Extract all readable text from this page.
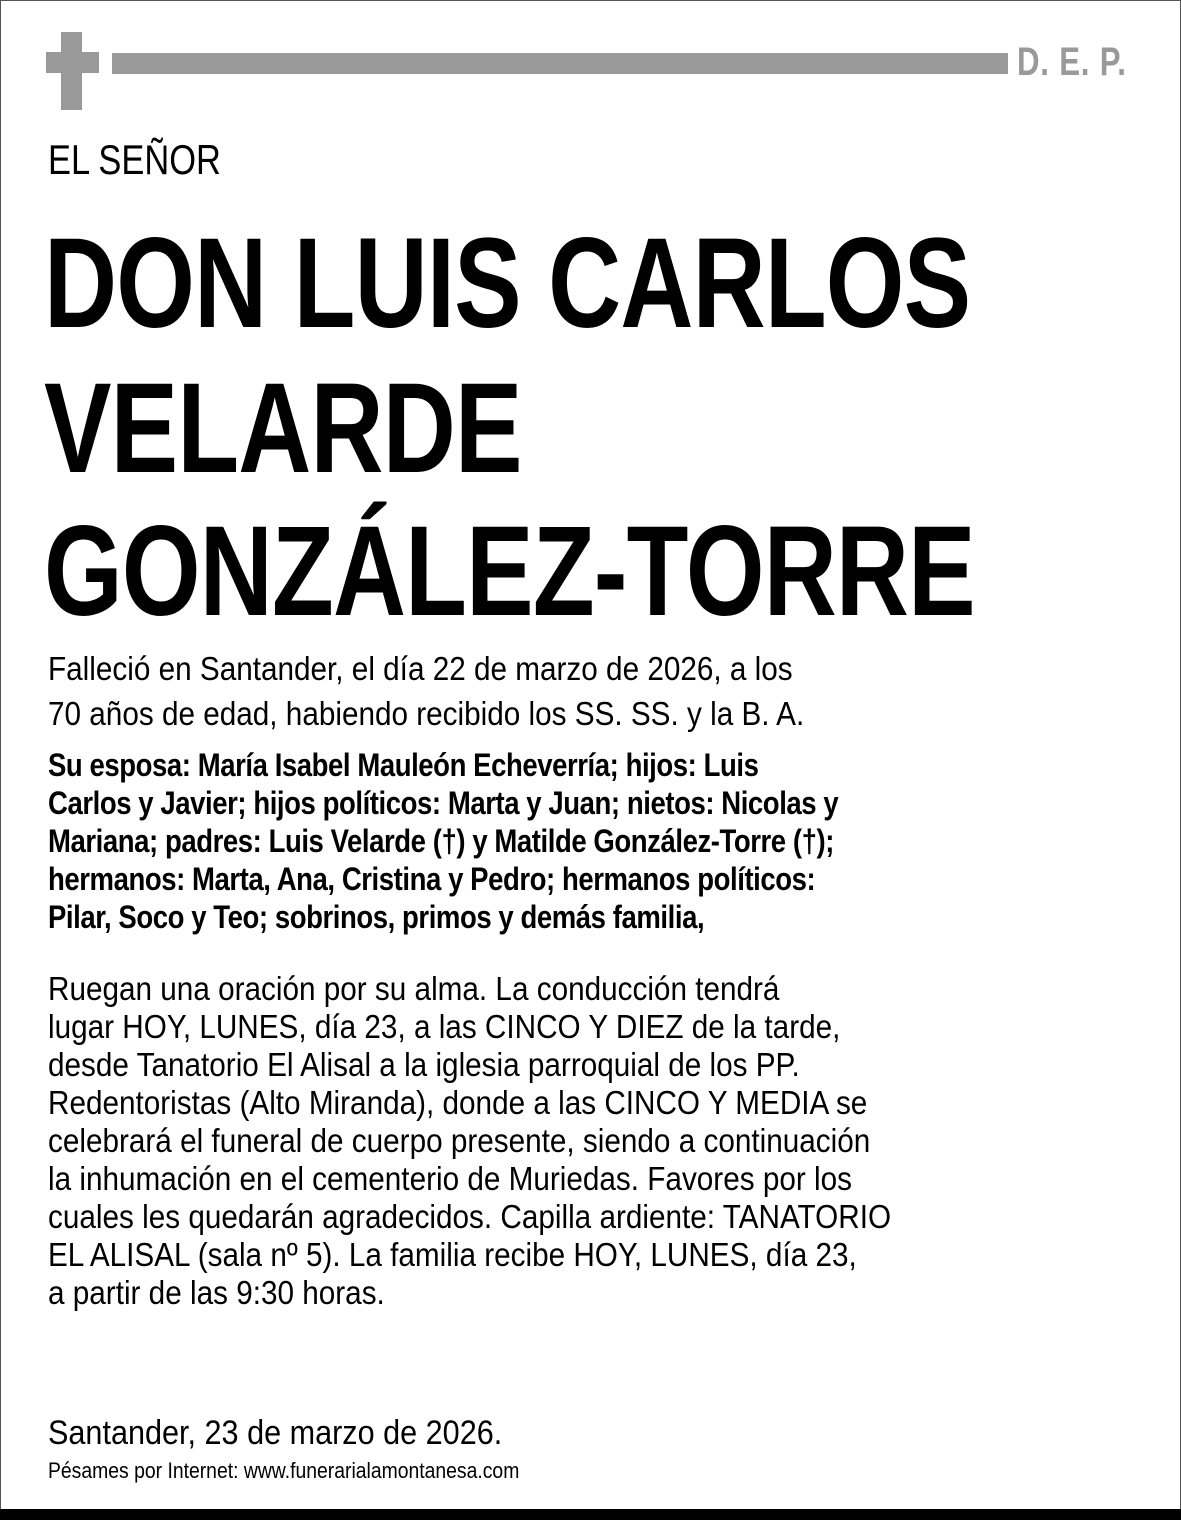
D. E. P.
EL SEÑOR
DON LUIS CARLOS
VELARDE
GONZÁLEZ-TORRE
Falleció en Santander, el día 22 de marzo de 2026, a los
70 años de edad, habiendo recibido los SS. SS. y la B. A.
Su esposa: María Isabel Mauleón Echeverría; hijos: Luis
Carlos y Javier; hijos políticos: Marta y Juan; nietos: Nicolas y
Mariana; padres: Luis Velarde (†) y Matilde González-Torre (†);
hermanos: Marta, Ana, Cristina y Pedro; hermanos políticos:
Pilar, Soco y Teo; sobrinos, primos y demás familia,
Ruegan una oración por su alma. La conducción tendrá
lugar HOY, LUNES, día 23, a las CINCO Y DIEZ de la tarde,
desde Tanatorio El Alisal a la iglesia parroquial de los PP.
Redentoristas (Alto Miranda), donde a las CINCO Y MEDIA se
celebrará el funeral de cuerpo presente, siendo a continuación
la inhumación en el cementerio de Muriedas. Favores por los
cuales les quedarán agradecidos. Capilla ardiente: TANATORIO
EL ALISAL (sala nº 5). La familia recibe HOY, LUNES, día 23,
a partir de las 9:30 horas.
Santander, 23 de marzo de 2026.
Pésames por Internet: www.funerarialamontanesa.com
